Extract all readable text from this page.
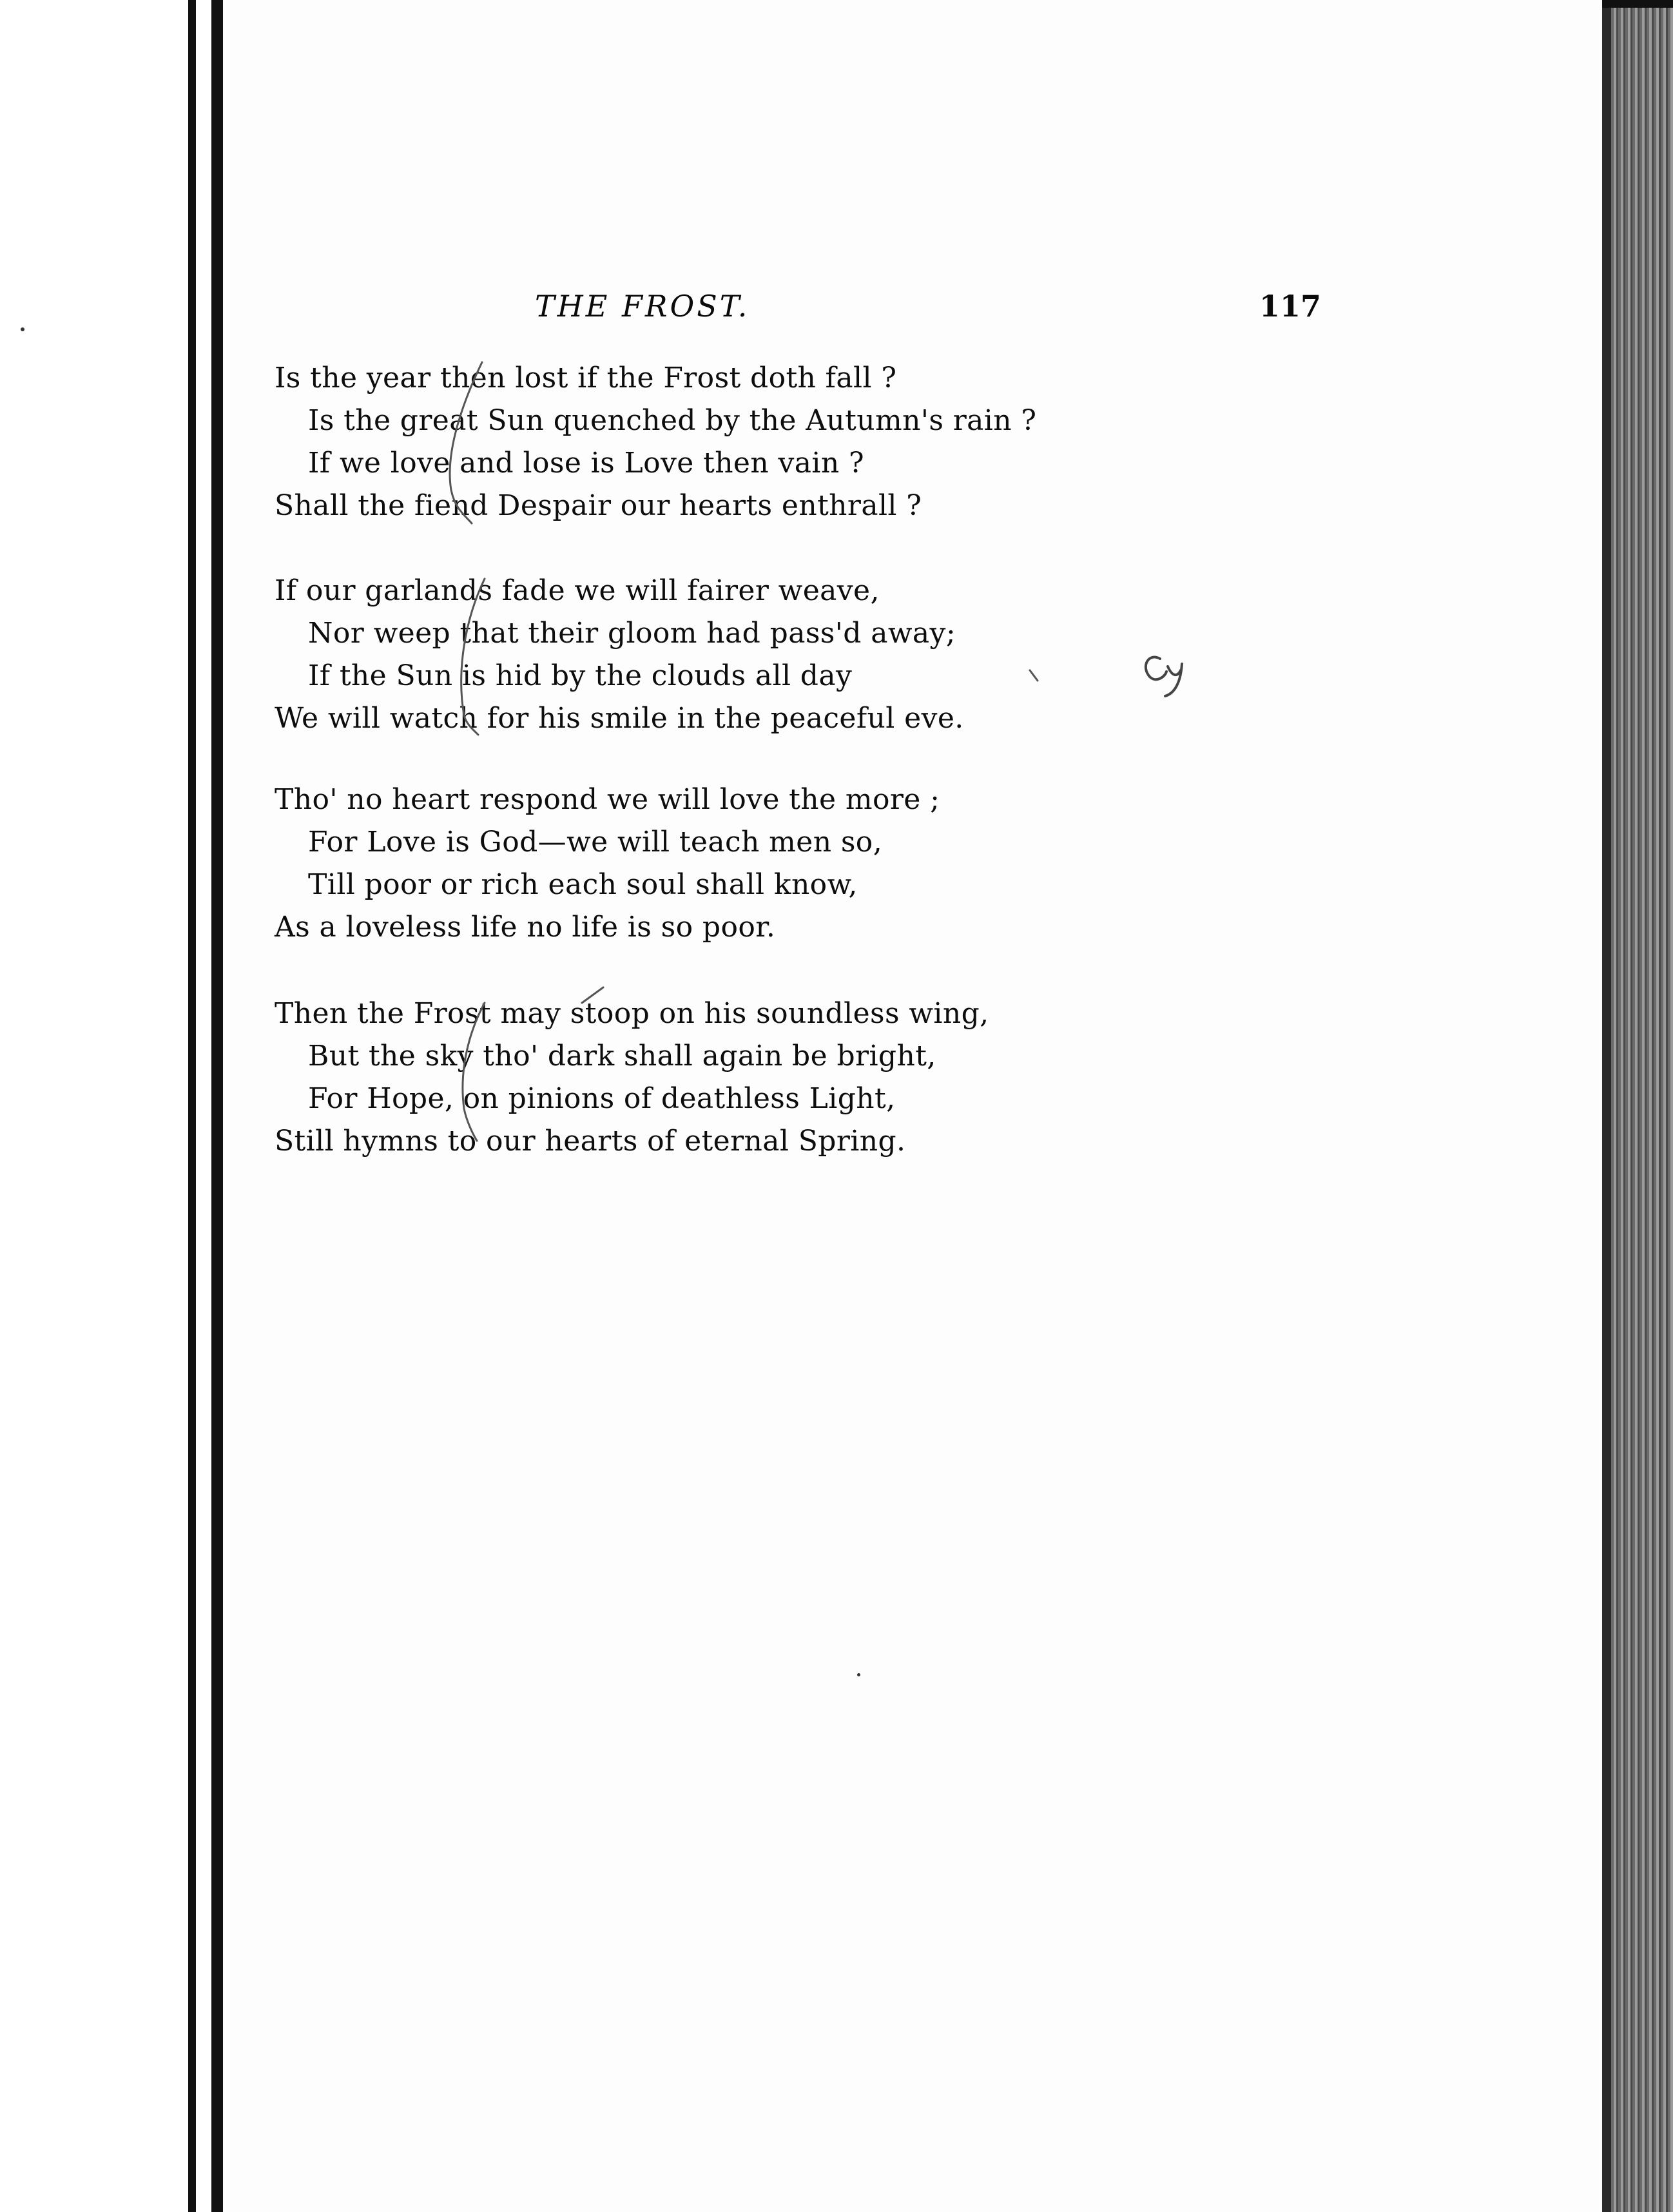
THE FROST.	117
Is the year then lost if the Frost doth fall ?
Is the great Sun quenched by the Autumn's rain ?
If we love and lose is Love then vain ?
Shall the fiend Despair our hearts enthrall ?
If our garlands fade we will fairer weave,
Nor weep that their gloom had pass'd away;
If the Sun is hid by the clouds all day
We will watch for his smile in the peaceful eve.
Tho' no heart respond we will love the more ;
For Love is God—we will teach men so,
Till poor or rich each soul shall know,
As a loveless life no life is so poor.
Then the Frost may stoop on his soundless wing,
But the sky tho' dark shall again be bright,
For Hope, on pinions of deathless Light,
Still hymns to our hearts of eternal Spring.
